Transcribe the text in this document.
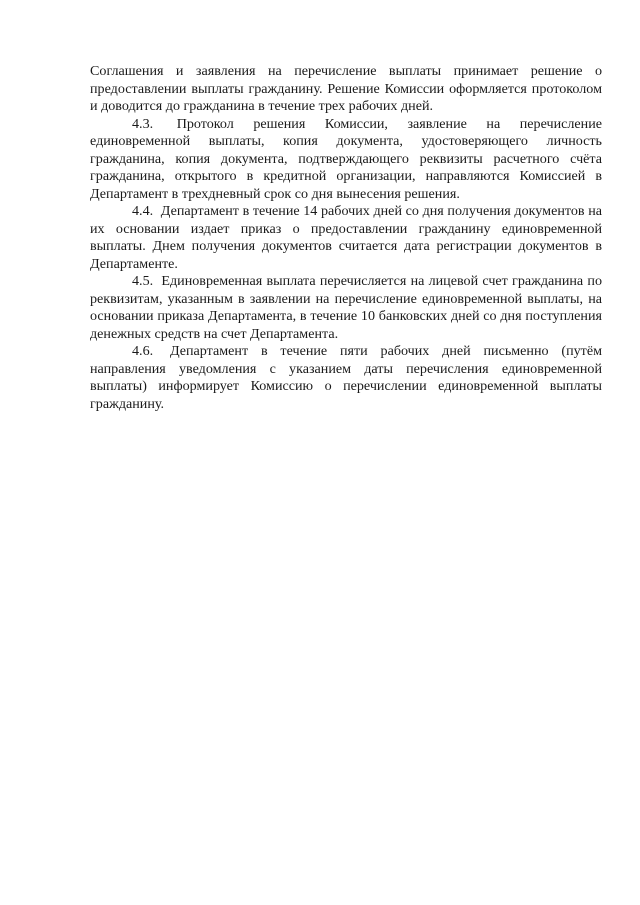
Соглашения и заявления на перечисление выплаты принимает решение о предоставлении выплаты гражданину. Решение Комиссии оформляется протоколом и доводится до гражданина в течение трех рабочих дней.

4.3. Протокол решения Комиссии, заявление на перечисление единовременной выплаты, копия документа, удостоверяющего личность гражданина, копия документа, подтверждающего реквизиты расчетного счёта гражданина, открытого в кредитной организации, направляются Комиссией в Департамент в трехдневный срок со дня вынесения решения.

4.4. Департамент в течение 14 рабочих дней со дня получения документов на их основании издает приказ о предоставлении гражданину единовременной выплаты. Днем получения документов считается дата регистрации документов в Департаменте.

4.5. Единовременная выплата перечисляется на лицевой счет гражданина по реквизитам, указанным в заявлении на перечисление единовременной выплаты, на основании приказа Департамента, в течение 10 банковских дней со дня поступления денежных средств на счет Департамента.

4.6. Департамент в течение пяти рабочих дней письменно (путём направления уведомления с указанием даты перечисления единовременной выплаты) информирует Комиссию о перечислении единовременной выплаты гражданину.
